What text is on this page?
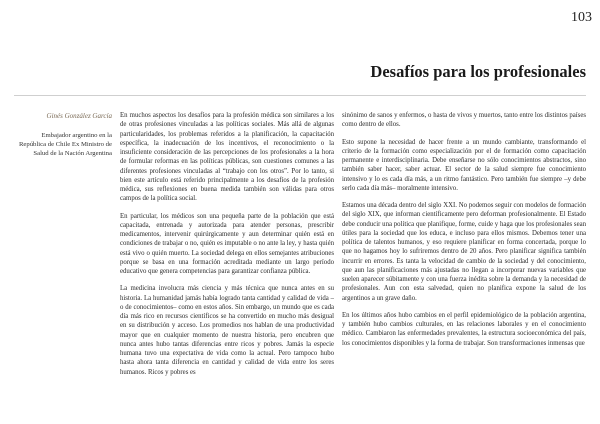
103
Desafíos para los profesionales
Ginés González García
Embajador argentino en la República de Chile Ex Ministro de Salud de la Nación Argentina

En muchos aspectos los desafíos para la profesión médica son similares a los de otras profesiones vinculadas a las políticas sociales. Más allá de algunas particularidades, los problemas referidos a la planificación, la capacitación específica, la inadecuación de los incentivos, el reconocimiento o la insuficiente consideración de las percepciones de los profesionales a la hora de formular reformas en las políticas públicas, son cuestiones comunes a las diferentes profesiones vinculadas al “trabajo con los otros”. Por lo tanto, si bien este artículo está referido principalmente a los desafíos de la profesión médica, sus reflexiones en buena medida también son válidas para otros campos de la política social.

En particular, los médicos son una pequeña parte de la población que está capacitada, entrenada y autorizada para atender personas, prescribir medicamentos, intervenir quirúrgicamente y aun determinar quién está en condiciones de trabajar o no, quién es imputable o no ante la ley, y hasta quién está vivo o quién muerto. La sociedad delega en ellos semejantes atribuciones porque se basa en una formación acreditada mediante un largo período educativo que genera competencias para garantizar confianza pública.

La medicina involucra más ciencia y más técnica que nunca antes en su historia. La humanidad jamás había logrado tanta cantidad y calidad de vida –o de conocimientos– como en estos años. Sin embargo, un mundo que es cada día más rico en recursos científicos se ha convertido en mucho más desigual en su distribución y acceso. Los promedios nos hablan de una productividad mayor que en cualquier momento de nuestra historia, pero encubren que nunca antes hubo tantas diferencias entre ricos y pobres. Jamás la especie humana tuvo una expectativa de vida como la actual. Pero tampoco hubo hasta ahora tanta diferencia en cantidad y calidad de vida entre los seres humanos. Ricos y pobres es

sinónimo de sanos y enfermos, o hasta de vivos y muertos, tanto entre los distintos países como dentro de ellos.

Esto supone la necesidad de hacer frente a un mundo cambiante, transformando el criterio de la formación como especialización por el de formación como capacitación permanente e interdisciplinaria. Debe enseñarse no sólo conocimientos abstractos, sino también saber hacer, saber actuar. El sector de la salud siempre fue conocimiento intensivo y lo es cada día más, a un ritmo fantástico. Pero también fue siempre –y debe serlo cada día más– moralmente intensivo.

Estamos una década dentro del siglo XXI. No podemos seguir con modelos de formación del siglo XIX, que informan científicamente pero deforman profesionalmente. El Estado debe conducir una política que planifique, forme, cuide y haga que los profesionales sean útiles para la sociedad que los educa, e incluso para ellos mismos. Debemos tener una política de talentos humanos, y eso requiere planificar en forma concertada, porque lo que no hagamos hoy lo sufriremos dentro de 20 años. Pero planificar significa también incurrir en errores. Es tanta la velocidad de cambio de la sociedad y del conocimiento, que aun las planificaciones más ajustadas no llegan a incorporar nuevas variables que suelen aparecer súbitamente y con una fuerza inédita sobre la demanda y la necesidad de profesionales. Aun con esta salvedad, quien no planifica expone la salud de los argentinos a un grave daño.

En los últimos años hubo cambios en el perfil epidemiológico de la población argentina, y también hubo cambios culturales, en las relaciones laborales y en el conocimiento médico. Cambiaron las enfermedades prevalentes, la estructura socioeconómica del país, los conocimientos disponibles y la forma de trabajar. Son transformaciones inmensas que
